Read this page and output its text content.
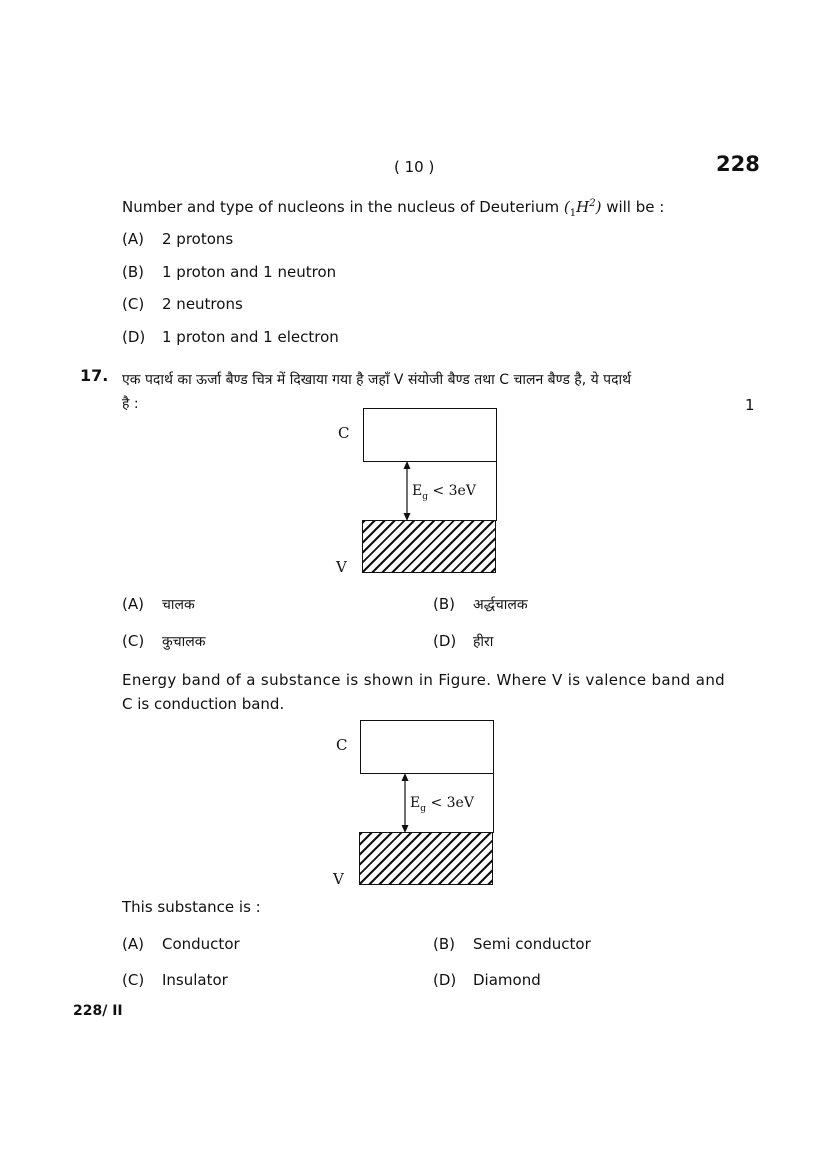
( 10 )	228
Number and type of nucleons in the nucleus of Deuterium $(_1H^2)$ will be :
(A) 2 protons
(B) 1 proton and 1 neutron
(C) 2 neutrons
(D) 1 proton and 1 electron
17. एक पदार्थ का ऊर्जा बैण्ड चित्र में दिखाया गया है जहाँ V संयोजी बैण्ड तथा C चालन बैण्ड है, ये पदार्थ
है :	1
C
$E_g < 3eV$
V
(A) चालक	(B) अर्द्धचालक
(C) कुचालक	(D) हीरा
Energy band of a substance is shown in Figure. Where V is valence band and
C is conduction band.
C
$E_g < 3eV$
V
This substance is :
(A) Conductor	(B) Semi conductor
(C) Insulator	(D) Diamond
228/ II
